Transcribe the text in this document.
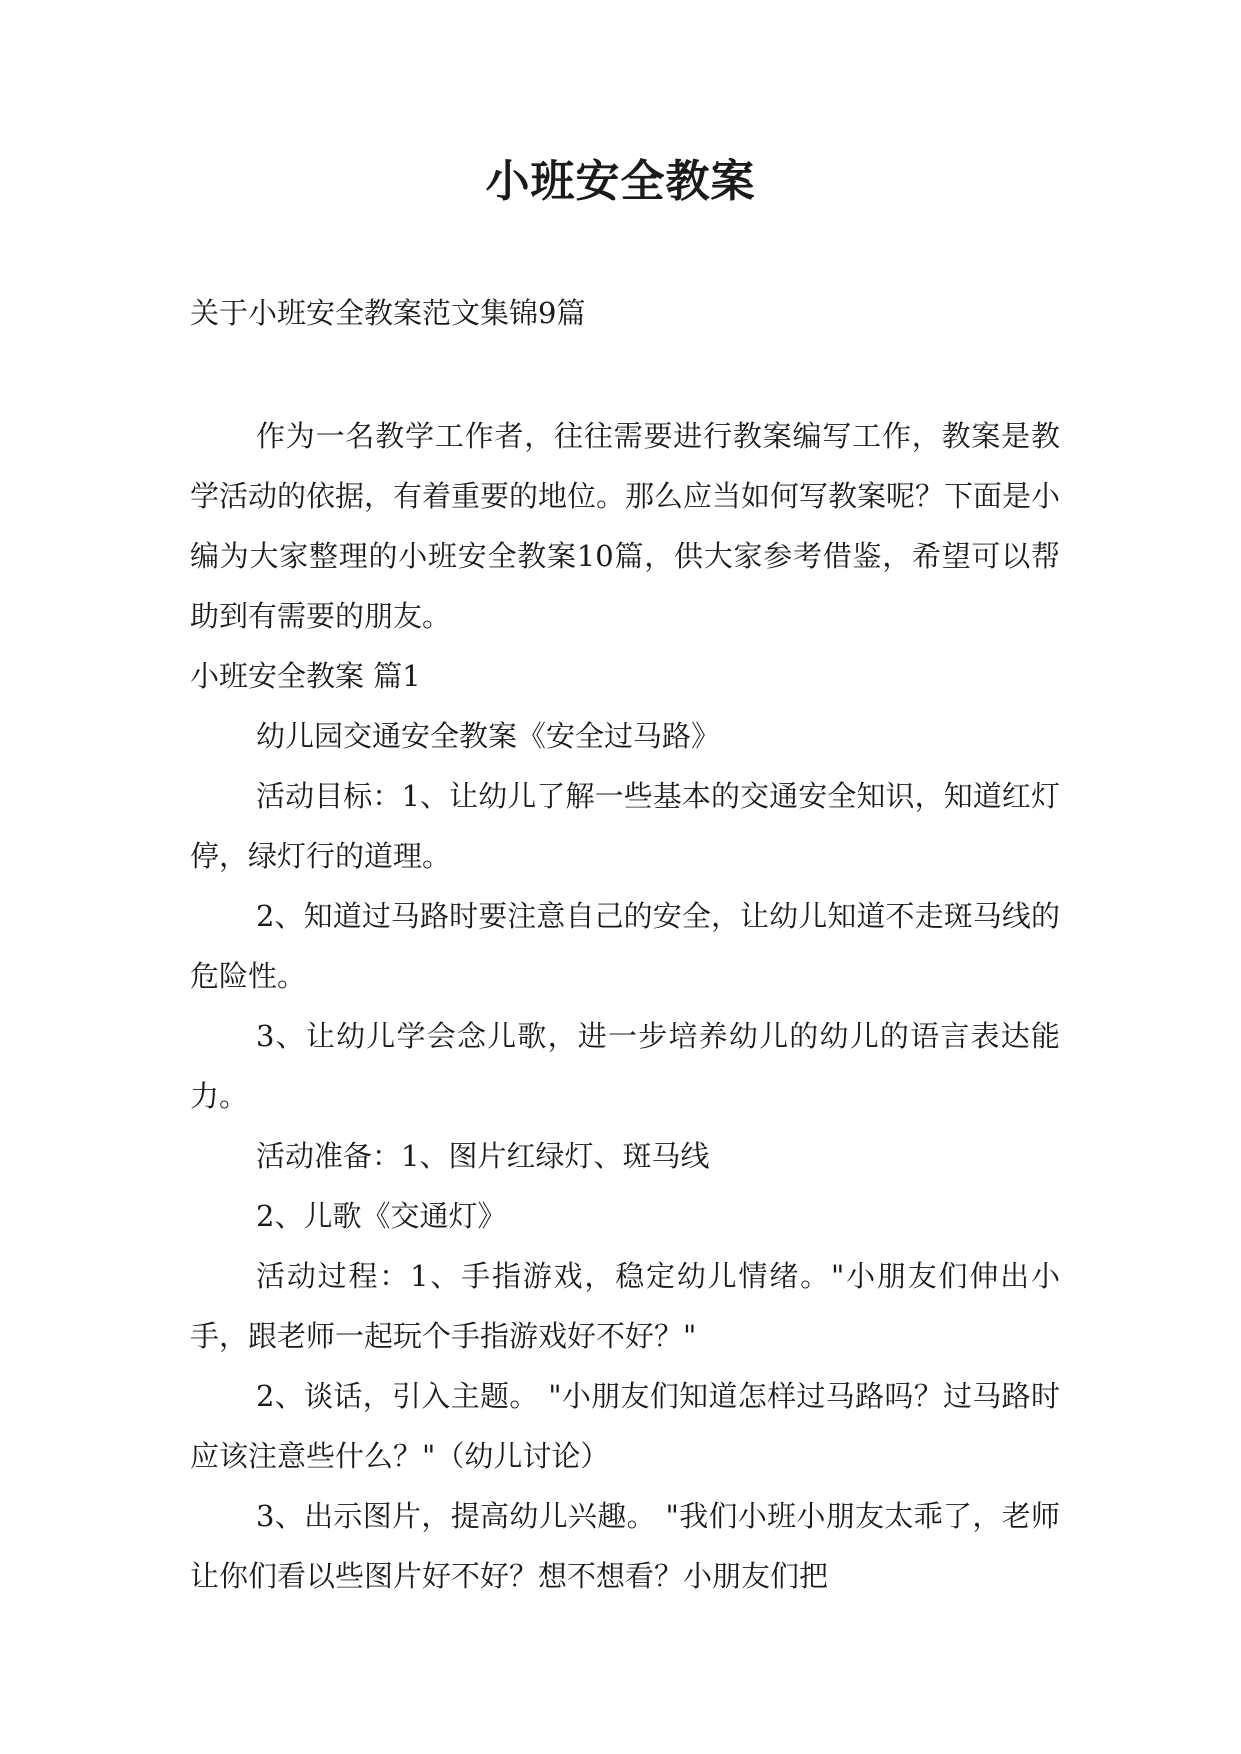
小班安全教案
关于小班安全教案范文集锦9篇

作为一名教学工作者，往往需要进行教案编写工作，教案是教学活动的依据，有着重要的地位。那么应当如何写教案呢？下面是小编为大家整理的小班安全教案10篇，供大家参考借鉴，希望可以帮助到有需要的朋友。

小班安全教案 篇1

幼儿园交通安全教案《安全过马路》

活动目标：1、让幼儿了解一些基本的交通安全知识，知道红灯停，绿灯行的道理。

2、知道过马路时要注意自己的安全，让幼儿知道不走斑马线的危险性。

3、让幼儿学会念儿歌，进一步培养幼儿的幼儿的语言表达能力。

活动准备：1、图片红绿灯、斑马线

2、儿歌《交通灯》

活动过程：1、手指游戏，稳定幼儿情绪。"小朋友们伸出小手，跟老师一起玩个手指游戏好不好？"

2、谈话，引入主题。 "小朋友们知道怎样过马路吗？过马路时应该注意些什么？"（幼儿讨论）

3、出示图片，提高幼儿兴趣。 "我们小班小朋友太乖了，老师让你们看以些图片好不好？想不想看？小朋友们把
